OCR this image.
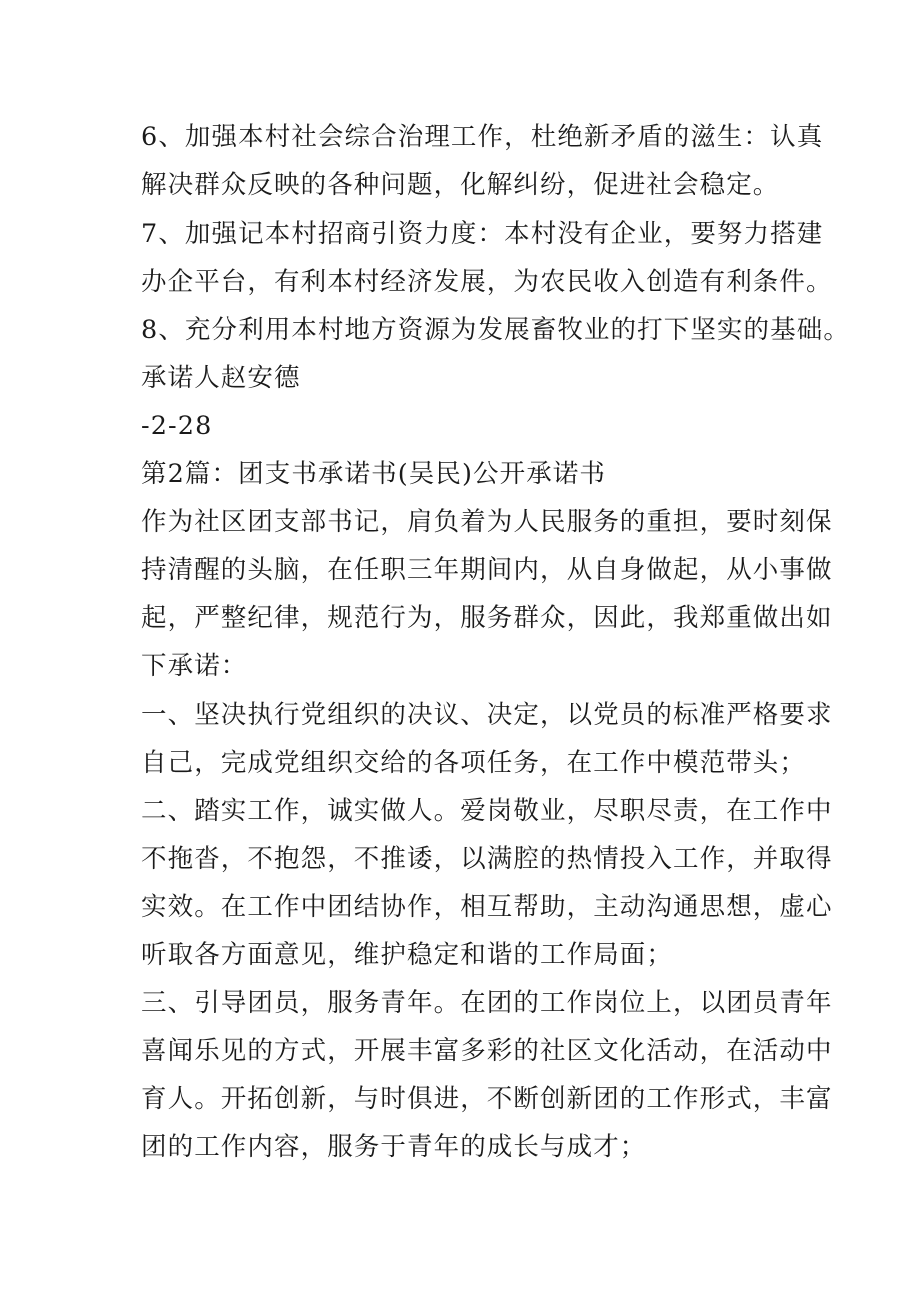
6、加强本村社会综合治理工作，杜绝新矛盾的滋生：认真
解决群众反映的各种问题，化解纠纷，促进社会稳定。
7、加强记本村招商引资力度：本村没有企业，要努力搭建
办企平台，有利本村经济发展，为农民收入创造有利条件。
8、充分利用本村地方资源为发展畜牧业的打下坚实的基础。
承诺人赵安德
-2-28
第2篇：团支书承诺书(吴民)公开承诺书
作为社区团支部书记，肩负着为人民服务的重担，要时刻保
持清醒的头脑，在任职三年期间内，从自身做起，从小事做
起，严整纪律，规范行为，服务群众，因此，我郑重做出如
下承诺：
一、坚决执行党组织的决议、决定，以党员的标准严格要求
自己，完成党组织交给的各项任务，在工作中模范带头；
二、踏实工作，诚实做人。爱岗敬业，尽职尽责，在工作中
不拖沓，不抱怨，不推诿，以满腔的热情投入工作，并取得
实效。在工作中团结协作，相互帮助，主动沟通思想，虚心
听取各方面意见，维护稳定和谐的工作局面；
三、引导团员，服务青年。在团的工作岗位上，以团员青年
喜闻乐见的方式，开展丰富多彩的社区文化活动，在活动中
育人。开拓创新，与时俱进，不断创新团的工作形式，丰富
团的工作内容，服务于青年的成长与成才；
